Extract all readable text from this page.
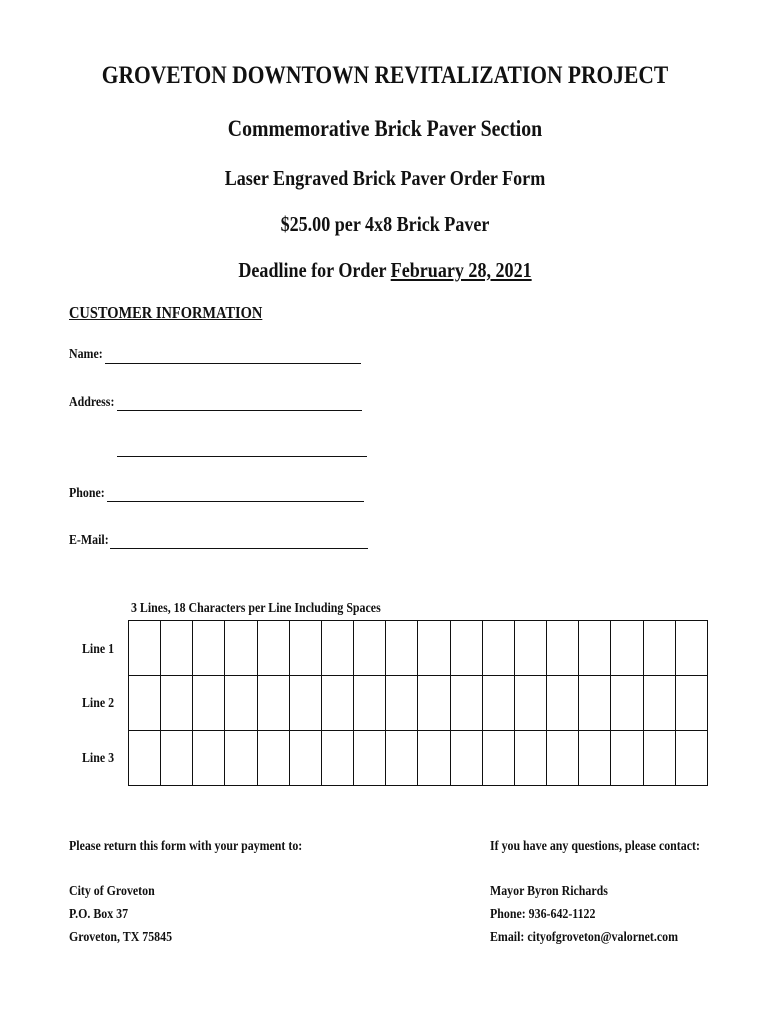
GROVETON DOWNTOWN REVITALIZATION PROJECT
Commemorative Brick Paver Section
Laser Engraved Brick Paver Order Form
$25.00 per 4x8 Brick Paver
Deadline for Order February 28, 2021
CUSTOMER INFORMATION
Name:
Address:
Phone:
E-Mail:
3 Lines, 18 Characters per Line Including Spaces
Line 1
Line 2
Line 3

Please return this form with your payment to:
City of Groveton
P.O. Box 37
Groveton, TX 75845
If you have any questions, please contact:
Mayor Byron Richards
Phone: 936-642-1122
Email: cityofgroveton@valornet.com
